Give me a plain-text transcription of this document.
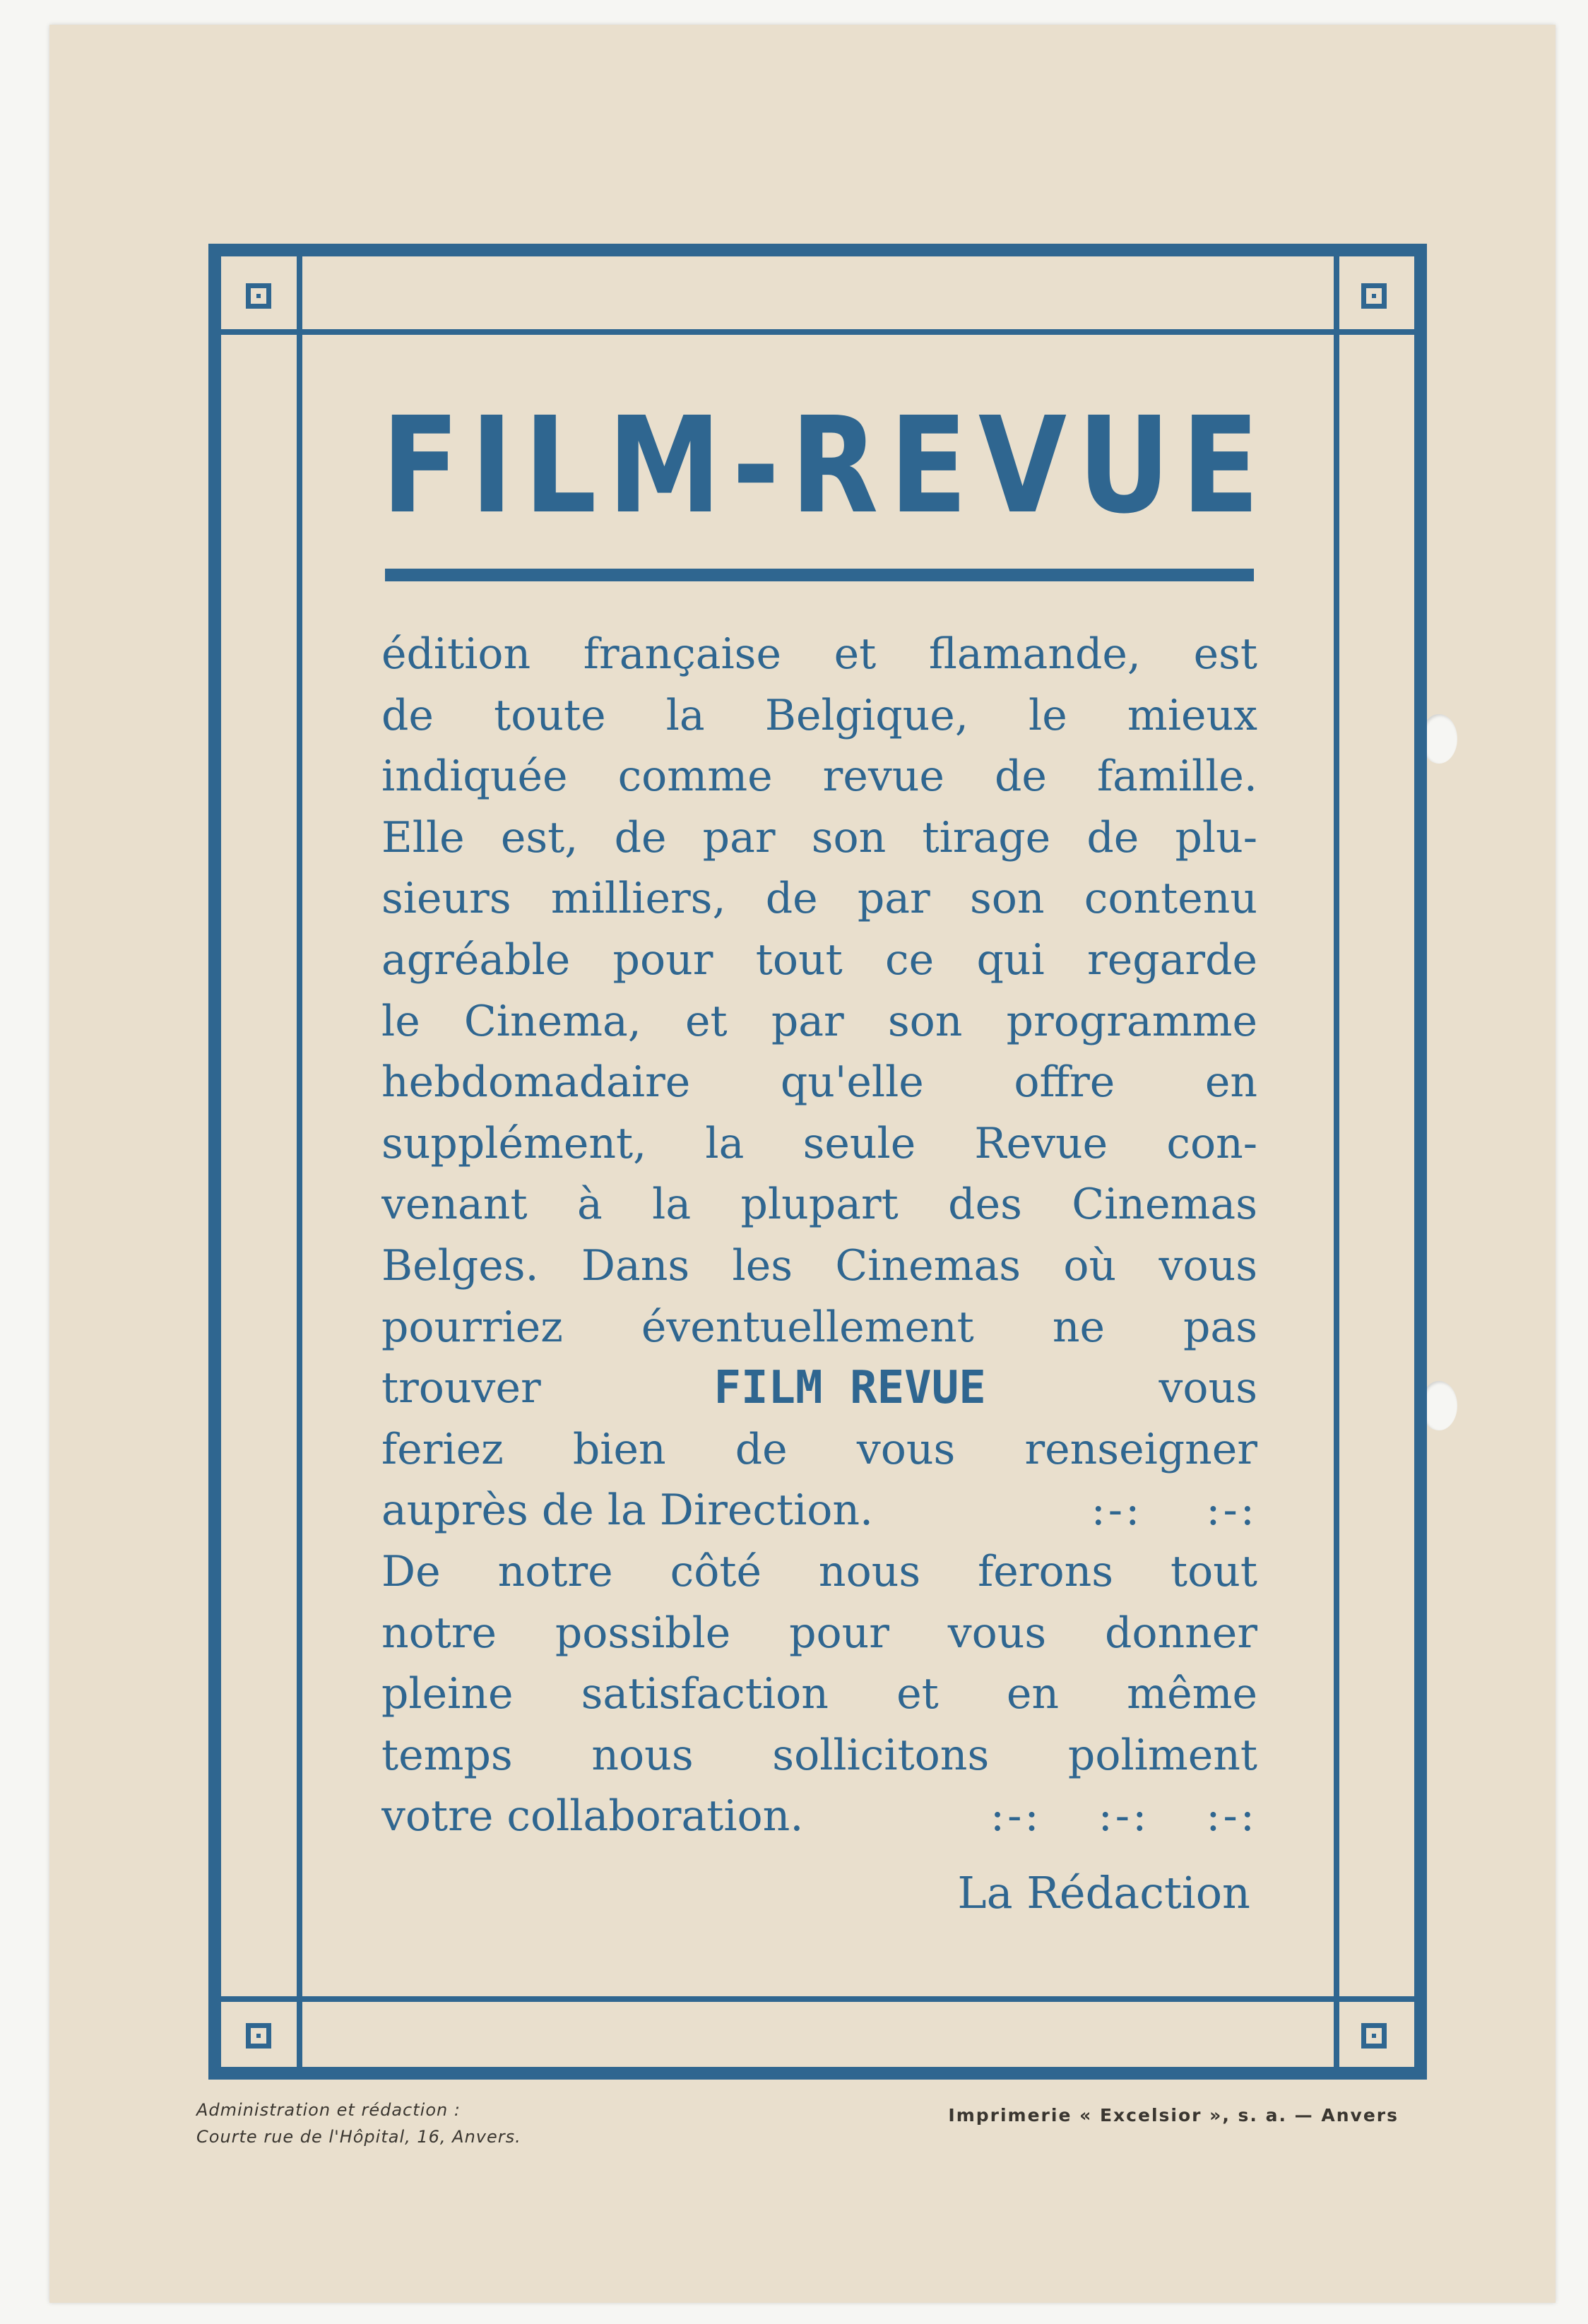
FILM-REVUE
édition française et flamande, est
de toute la Belgique, le mieux
indiquée comme revue de famille.
Elle est, de par son tirage de plu-
sieurs milliers, de par son contenu
agréable pour tout ce qui regarde
le Cinema, et par son programme
hebdomadaire qu'elle offre en
supplément, la seule Revue con-
venant à la plupart des Cinemas
Belges. Dans les Cinemas où vous
pourriez éventuellement ne pas
trouver	FILM REVUE	vous
feriez bien de vous renseigner
auprès de la Direction.	:-: :-:
De notre côté nous ferons tout
notre possible pour vous donner
pleine satisfaction et en même
temps nous sollicitons poliment
votre collaboration.	:-: :-: :-:
La Rédaction
Administration et rédaction :
Courte rue de l'Hôpital, 16, Anvers.
Imprimerie « Excelsior », s. a. — Anvers
